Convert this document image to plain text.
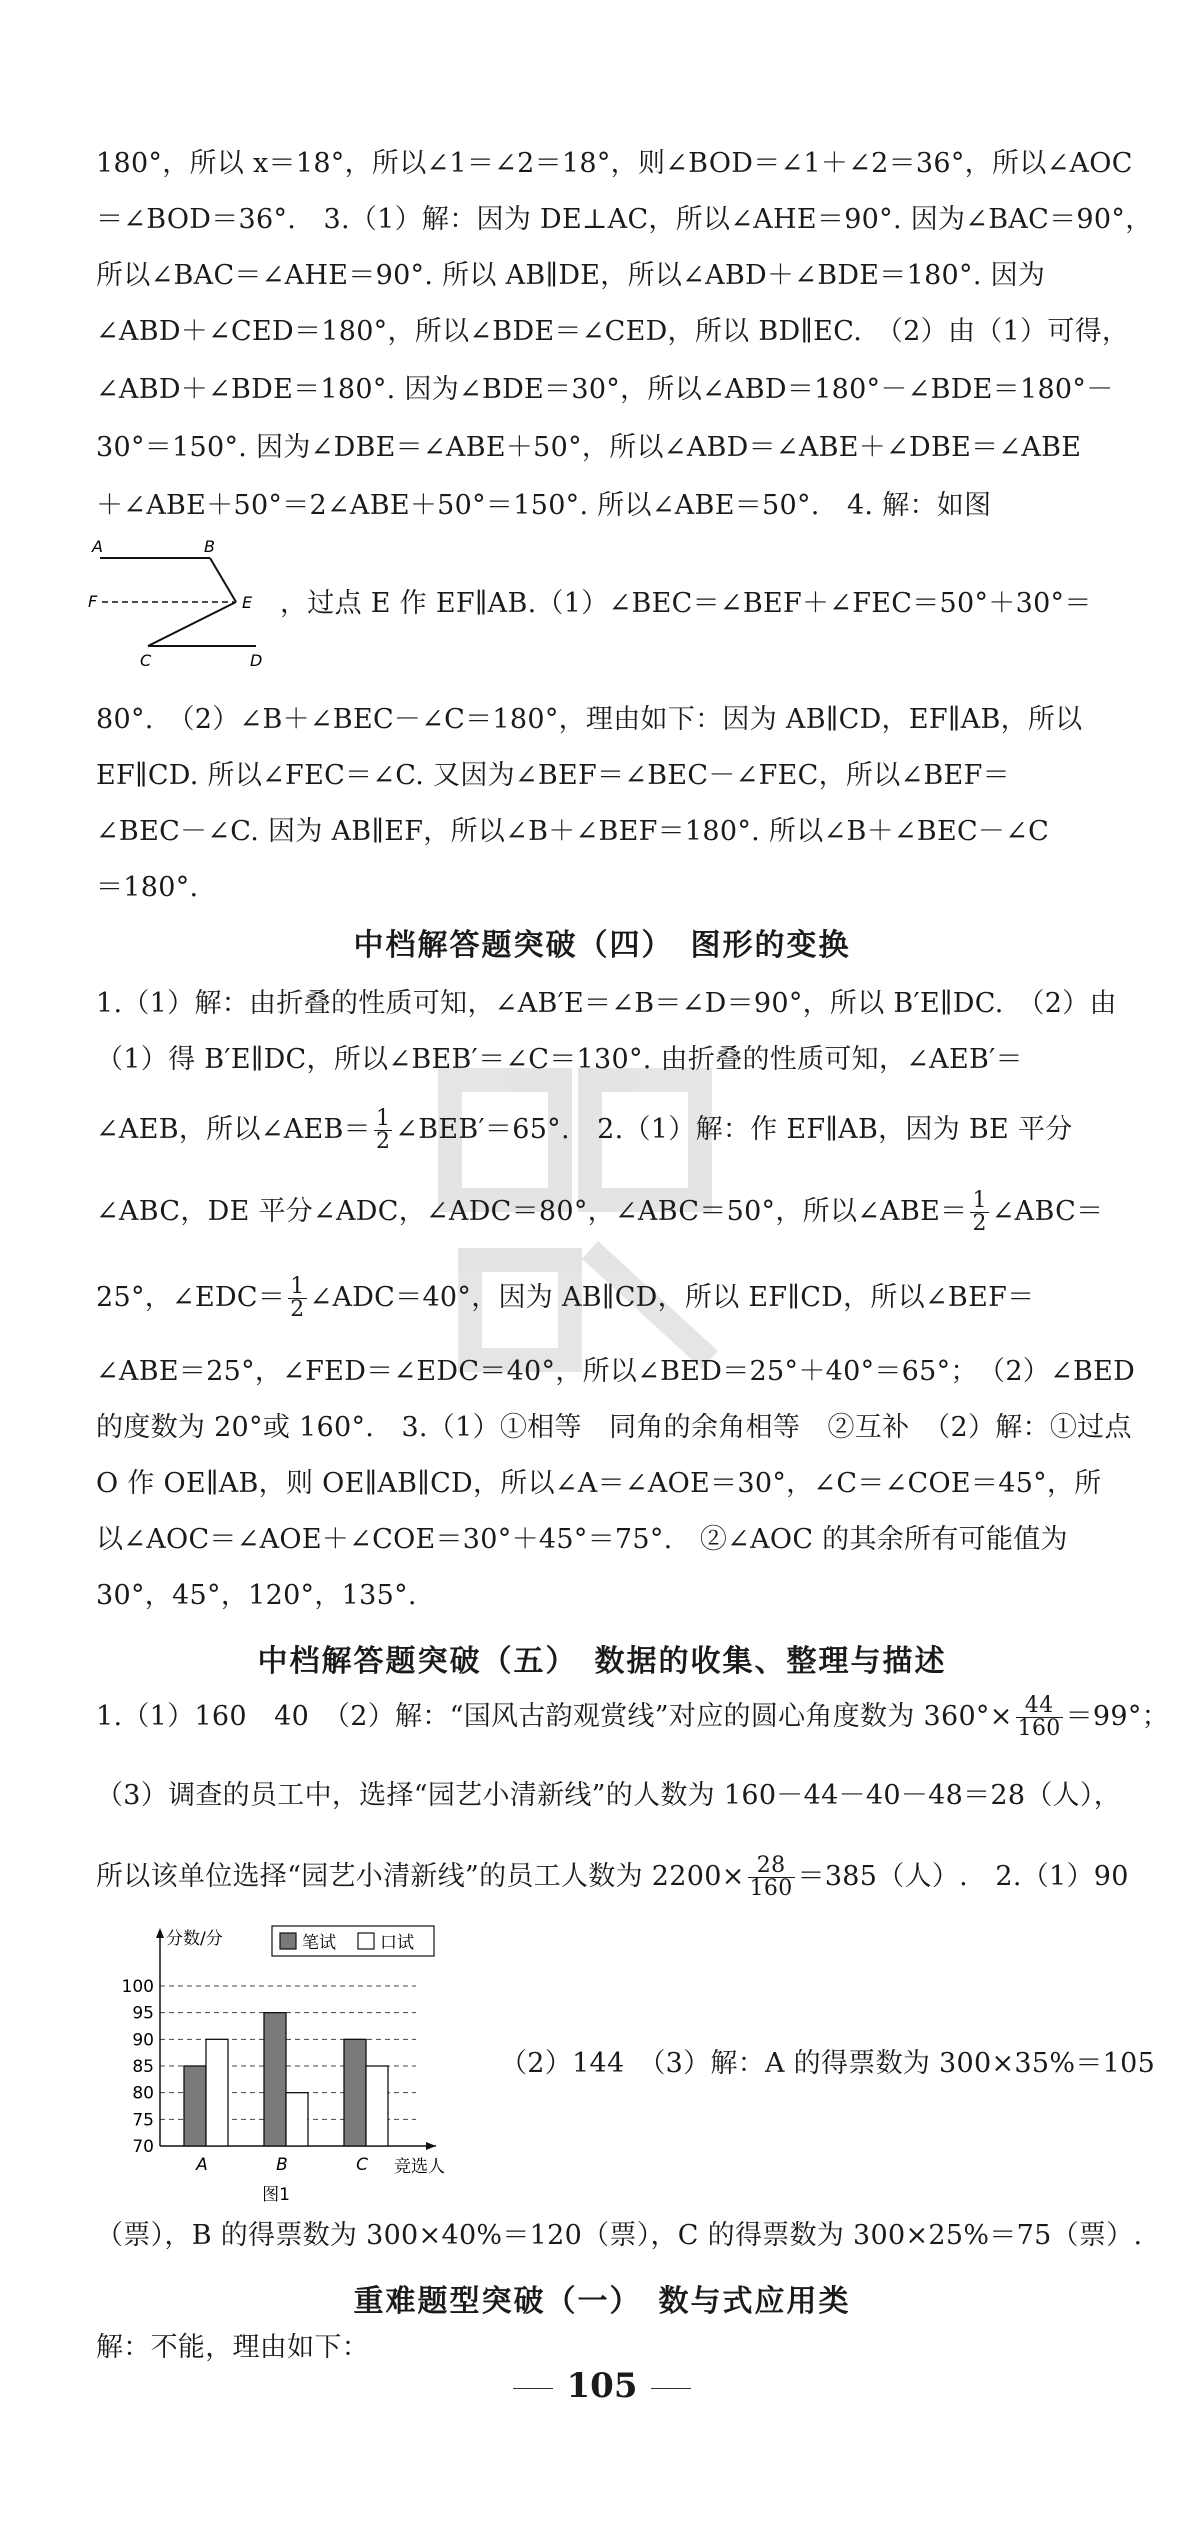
180°，所以 x＝18°，所以∠1＝∠2＝18°，则∠BOD＝∠1＋∠2＝36°，所以∠AOC
＝∠BOD＝36°.　3.（1）解：因为 DE⊥AC，所以∠AHE＝90°. 因为∠BAC＝90°，
所以∠BAC＝∠AHE＝90°. 所以 AB∥DE，所以∠ABD＋∠BDE＝180°. 因为
∠ABD＋∠CED＝180°，所以∠BDE＝∠CED，所以 BD∥EC.　（2）由（1）可得，
∠ABD＋∠BDE＝180°. 因为∠BDE＝30°，所以∠ABD＝180°－∠BDE＝180°－
30°＝150°. 因为∠DBE＝∠ABE＋50°，所以∠ABD＝∠ABE＋∠DBE＝∠ABE
＋∠ABE＋50°＝2∠ABE＋50°＝150°. 所以∠ABE＝50°.　4. 解：如图
A	B
F	E
C	D
，过点 E 作 EF∥AB.（1）∠BEC＝∠BEF＋∠FEC＝50°＋30°＝
80°.　（2）∠B＋∠BEC－∠C＝180°，理由如下：因为 AB∥CD，EF∥AB，所以
EF∥CD. 所以∠FEC＝∠C. 又因为∠BEF＝∠BEC－∠FEC，所以∠BEF＝
∠BEC－∠C. 因为 AB∥EF，所以∠B＋∠BEF＝180°. 所以∠B＋∠BEC－∠C
＝180°.
中档解答题突破（四）　图形的变换
1.（1）解：由折叠的性质可知，∠AB′E＝∠B＝∠D＝90°，所以 B′E∥DC.　（2）由
（1）得 B′E∥DC，所以∠BEB′＝∠C＝130°. 由折叠的性质可知，∠AEB′＝
∠AEB，所以∠AEB＝ $\frac{1}{2}$ ∠BEB′＝65°.　2.（1）解：作 EF∥AB，因为 BE 平分
∠ABC，DE 平分∠ADC，∠ADC＝80°，∠ABC＝50°，所以∠ABE＝ $\frac{1}{2}$ ∠ABC＝
25°，∠EDC＝ $\frac{1}{2}$ ∠ADC＝40°，因为 AB∥CD，所以 EF∥CD，所以∠BEF＝
∠ABE＝25°，∠FED＝∠EDC＝40°，所以∠BED＝25°＋40°＝65°；　（2）∠BED
的度数为 20°或 160°.　3.（1）①相等　同角的余角相等　②互补　（2）解：①过点
O 作 OE∥AB，则 OE∥AB∥CD，所以∠A＝∠AOE＝30°，∠C＝∠COE＝45°，所
以∠AOC＝∠AOE＋∠COE＝30°＋45°＝75°.　②∠AOC 的其余所有可能值为
30°，45°，120°，135°.
中档解答题突破（五）　数据的收集、整理与描述
1.（1）160　40　（2）解：“国风古韵观赏线”对应的圆心角度数为 $360^\circ\times \frac{44}{160} =99^\circ$；
（3）调查的员工中，选择“园艺小清新线”的人数为 160－44－40－48＝28（人），
所以该单位选择“园艺小清新线”的员工人数为 $2200\times \frac{28}{160} =385$（人）.　2.（1）90
70
75
80
85
90
95
100
分数/分
竞选人
笔试	口试
A	B	C
图1
（2）144　（3）解：A 的得票数为 300×35%＝105
（票），B 的得票数为 300×40%＝120（票），C 的得票数为 300×25%＝75（票）.
重难题型突破（一）　数与式应用类
解：不能，理由如下：
105
